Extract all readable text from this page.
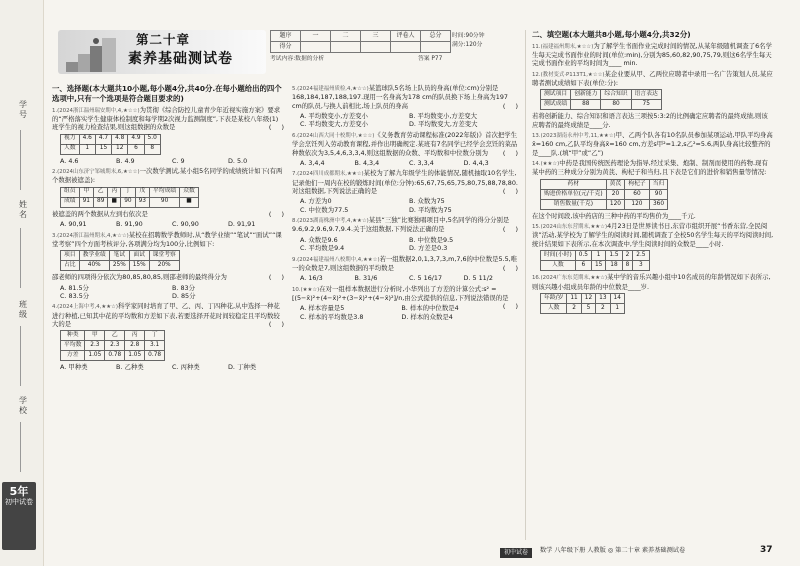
学号
姓名
班级
学校
5年
初中试卷
第二十章
素养基础测试卷
题序	一	二	三	评卷人	总分
得分					
时间:90分钟
满分:120分
考试内容:数据的分析	答案 P77
一、选择题(本大题共10小题,每小题4分,共40分.在每小题给出的四个选项中,只有一个选项是符合题目要求的)
1.(2024浙江温州瑞安期中,4,★☆☆)为贯彻《综合防控儿童青少年近视实施方案》要求的“严格落实学生健康体检制度和每学期2次视力监测制度”,下表是某校八年级(1)班学生的视力检查结果,则这组数据的众数是	(     )
视力	4.6	4.7	4.8	4.9	5.0
人数	1	15	12	6	8
A. 4.6	B. 4.9	C. 9	D. 5.0
2.(2024山东济宁邹城期末,6,★☆☆)一次数学测试,某小组5名同学的成绩统计如下(有两个数据被遮盖):
组员	甲	乙	丙	丁	戊	平均成绩	众数
成绩	91	89	■	90	93	90	■
被遮盖的两个数据从左到右依次是	(     )
A. 90,91	B. 91,90	C. 90,90	D. 91,91
3.(2024浙江温州期末,4,★☆☆)某校在招聘数学教师时,从“教学业绩”“笔试”“面试”“课堂考察”四个方面考核评分,各项满分均为100分,比例如下:
项目	教学业绩	笔试	面试	课堂考察
占比	40%	25%	15%	20%
邵老师的四项得分依次为80,85,80,85,则邵老师的最终得分为	(     )
A. 81.5分	B. 83分
C. 83.5分	D. 85分
4.(2024上海中考,4,★★☆)科学家同时培育了甲、乙、丙、丁四种花,从中选择一种花进行种植,已知其中花的平均数和方差如下表,若要选择开花时间较稳定且平均数较大的是	(     )
种类	甲	乙	丙	丁
平均数	2.3	2.3	2.8	3.1
方差	1.05	0.78	1.05	0.78
A. 甲种类	B. 乙种类	C. 丙种类	D. 丁种类
5.(2024福建福州质检,4,★☆☆)某篮球队5名场上队员的身高(单位:cm)分别是168,184,187,188,197.现用一名身高为178 cm的队员换下场上身高为197 cm的队员,与换人前相比,场上队员的身高	(     )
A. 平均数变小,方差变小	B. 平均数变小,方差变大
C. 平均数变大,方差变小	D. 平均数变大,方差变大
6.(2024山西大同十校期中,★☆☆)《义务教育劳动课程标准(2022年版)》首次把学生学会烹饪列入劳动教育课程,并作出明确规定.某班有7名同学已经学会烹饪的菜品种数依次为3,5,4,6,3,3,4,则这组数据的众数、平均数和中位数分别为 (     )
A. 3,4,4	B. 4,3,4	C. 3,3,4	D. 4,4,3
7.(2024四川成都期末,★★☆)某校为了解九年级学生的体能情况,随机抽取10名学生,记录他们一周内在校的锻炼时间(单位:分钟):65,67,75,65,75,80,75,88,78,80.对这组数据,下列说法正确的是	(     )
A. 方差为0	B. 众数为75
C. 中位数为77.5	D. 平均数为75
8.(2023湖南株洲中考,4,★★☆)某县“三独”比赛独唱项目中,5名同学的得分分别是9.6,9.2,9.6,9.7,9.4.关于这组数据,下列说法正确的是	(     )
A. 众数是9.6	B. 中位数是9.5
C. 平均数是9.4	D. 方差是0.3
9.(2024福建福州八校期中,4,★★☆)若一组数据2,0,1,3,7,3,m,7,6的中位数是5.5,唯一的众数是7,则这组数据的平均数是	(     )
A. 16/3	B. 31/6	C. 5 16/17	D. 5 11/2
10.(★★☆)在对一组样本数据进行分析时,小华列出了方差的计算公式:s² = [(5−x̄)²+(4−x̄)²+(3−x̄)²+(4−x̄)²]/n,由公式提供的信息,下列说法错误的是
(     )
A. 样本容量是5	B. 样本的中位数是4
C. 样本的平均数是3.8	D. 样本的众数是4
二、填空题(本大题共8小题,每小题4分,共32分)
11.(福建福州期末,★☆☆)为了解学生书面作业完成时间的情况,从某年级随机调查了6名学生每天完成书面作业的时间(单位:min),分别为85,60,82,90,75,79,则这6名学生每天完成书面作业的平均时间为____ min.
12.(教材变式·P113T1,★☆☆)某企业要从甲、乙两位应聘者中录用一名广告策划人员,某应聘者测试成绩如下表(单位:分):
测试项目	创新能力	综合知识	语言表达
测试成绩	88	80	75
若将创新能力、综合知识和语言表达三项按5:3:2的比例确定应聘者的最终成绩,则该应聘者的最终成绩是____分.
13.(2023湖南永州中考,11,★★☆)甲、乙两个队各有10名队员参加某项运动,甲队平均身高x̄=160 cm,乙队平均身高x̄=160 cm,方差s甲²=1.2,s乙²=5.6,两队身高比较整齐的是____队.(填“甲”或“乙”)
14.(★★☆)中药是我国传统医药理论为指导,经过采集、炮制、制剂而使用的药物.现有某中药的三种成分分别为黄芪、枸杞子和当归,且下表是它们的进价和销售量等情况:
药材	黄芪	枸杞子	当归
购进价格单位(元/千克)	20	60	90
销售数量(千克)	120	120	360
在这个时间段,该中药店的三种中药的平均售价为____千元.
15.(2024山东东营期末,★★☆)4月23日是世界读书日,东营市组织开展“书香东营,全民阅读”活动,某学校为了解学生的阅读时间,随机调查了全校50名学生每天的平均阅读时间,统计结果如下表所示,在本次调查中,学生阅读时间的众数是____小时.
时间(小时)	0.5	1	1.5	2	2.5
人数	6	15	18	8	3
16.(2024广东东莞期末,★★☆)某中学的音乐兴趣小组中10名成员的年龄情况如下表所示,则该兴趣小组成员年龄的中位数是____岁.
年龄/岁	11	12	13	14
人数	2	5	2	1
初中试卷	数学 八年级下册 人教版 ◎ 第二十章 素养基础测试卷	37
